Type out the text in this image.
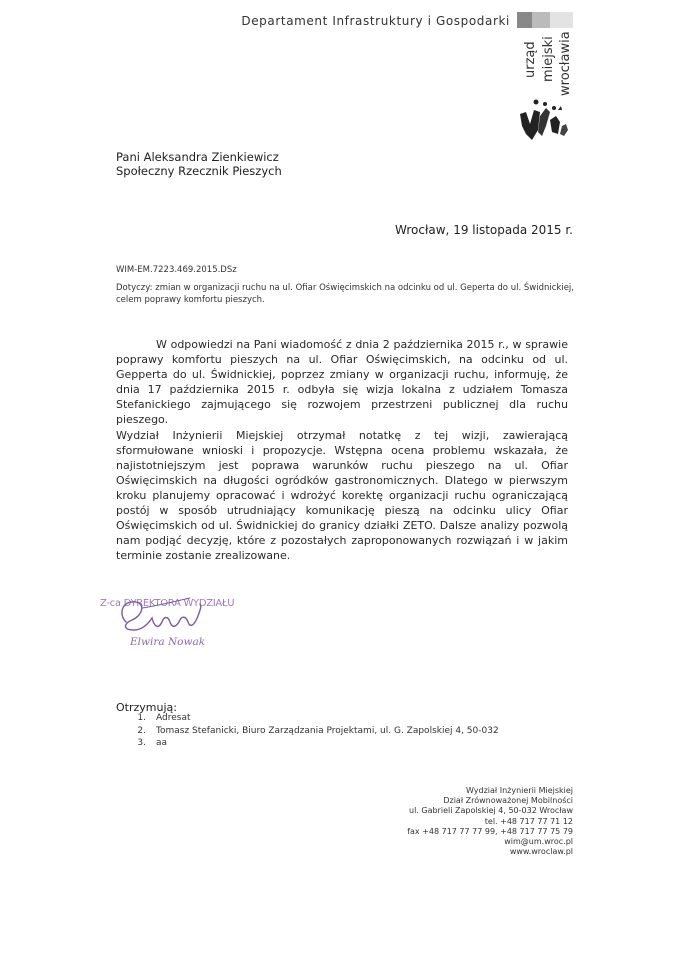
Departament Infrastruktury i Gospodarki
urząd miejski wrocławia
Pani Aleksandra Zienkiewicz
Społeczny Rzecznik Pieszych
Wrocław, 19 listopada 2015 r.
WIM-EM.7223.469.2015.DSz
Dotyczy: zmian w organizacji ruchu na ul. Ofiar Oświęcimskich na odcinku od ul. Geperta do ul. Świdnickiej, celem poprawy komfortu pieszych.

W odpowiedzi na Pani wiadomość z dnia 2 października 2015 r., w sprawie poprawy komfortu pieszych na ul. Ofiar Oświęcimskich, na odcinku od ul. Gepperta do ul. Świdnickiej, poprzez zmiany w organizacji ruchu, informuję, że dnia 17 października 2015 r. odbyła się wizja lokalna z udziałem Tomasza Stefanickiego zajmującego się rozwojem przestrzeni publicznej dla ruchu pieszego.

Wydział Inżynierii Miejskiej otrzymał notatkę z tej wizji, zawierającą sformułowane wnioski i propozycje. Wstępna ocena problemu wskazała, że najistotniejszym jest poprawa warunków ruchu pieszego na ul. Ofiar Oświęcimskich na długości ogródków gastronomicznych. Dlatego w pierwszym kroku planujemy opracować i wdrożyć korektę organizacji ruchu ograniczającą postój w sposób utrudniający komunikację pieszą na odcinku ulicy Ofiar Oświęcimskich od ul. Świdnickiej do granicy działki ZETO. Dalsze analizy pozwolą nam podjąć decyzję, które z pozostałych zaproponowanych rozwiązań i w jakim terminie zostanie zrealizowane.

Z-ca DYREKTORA WYDZIAŁU
Elwira Nowak
Otrzymują:
1.	Adresat
2.	Tomasz Stefanicki, Biuro Zarządzania Projektami, ul. G. Zapolskiej 4, 50-032
3.	aa
Wydział Inżynierii Miejskiej
Dział Zrównoważonej Mobilności
ul. Gabrieli Zapolskiej 4, 50-032 Wrocław
tel. +48 717 77 71 12
fax +48 717 77 77 99, +48 717 77 75 79
wim@um.wroc.pl
www.wroclaw.pl
